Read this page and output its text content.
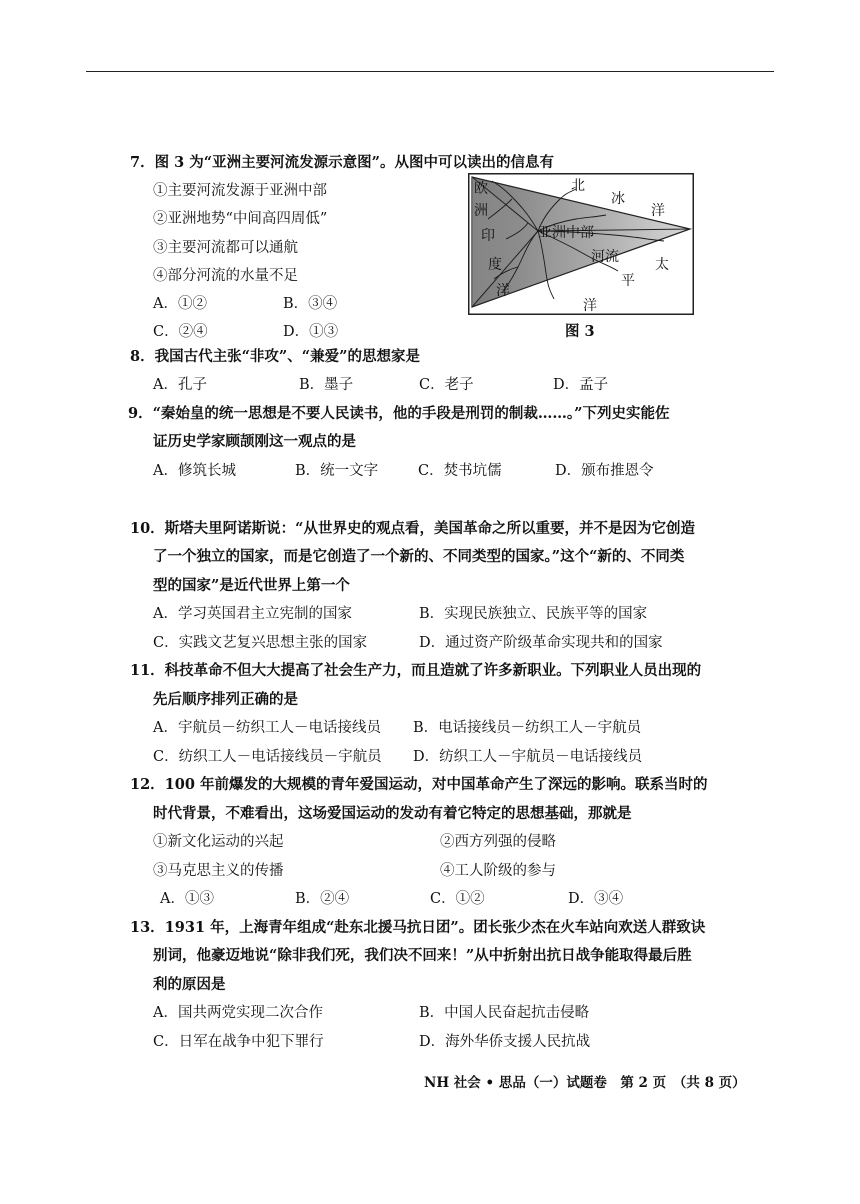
7．图 3 为“亚洲主要河流发源示意图”。从图中可以读出的信息有
①主要河流发源于亚洲中部
②亚洲地势“中间高四周低”
③主要河流都可以通航
④部分河流的水量不足
A．①②	B．③④
C．②④	D．①③
欧
洲
印
度
洋
北
冰
洋
亚洲中部
河流	太
平
洋
图 3
8．我国古代主张“非攻”、“兼爱”的思想家是
A．孔子	B．墨子	C．老子	D．孟子
9．“秦始皇的统一思想是不要人民读书，他的手段是刑罚的制裁……。”下列史实能佐
证历史学家顾颉刚这一观点的是
A．修筑长城	B．统一文字	C．焚书坑儒	D．颁布推恩令
10．斯塔夫里阿诺斯说：“从世界史的观点看，美国革命之所以重要，并不是因为它创造
了一个独立的国家，而是它创造了一个新的、不同类型的国家。”这个“新的、不同类
型的国家”是近代世界上第一个
A．学习英国君主立宪制的国家	B．实现民族独立、民族平等的国家
C．实践文艺复兴思想主张的国家	D．通过资产阶级革命实现共和的国家
11．科技革命不但大大提高了社会生产力，而且造就了许多新职业。下列职业人员出现的
先后顺序排列正确的是
A．宇航员－纺织工人－电话接线员 B．电话接线员－纺织工人－宇航员
C．纺织工人－电话接线员－宇航员 D．纺织工人－宇航员－电话接线员
12．100 年前爆发的大规模的青年爱国运动，对中国革命产生了深远的影响。联系当时的
时代背景，不难看出，这场爱国运动的发动有着它特定的思想基础，那就是
①新文化运动的兴起	②西方列强的侵略
③马克思主义的传播	④工人阶级的参与
A．①③	B．②④	C．①②	D．③④
13．1931 年，上海青年组成“赴东北援马抗日团”。团长张少杰在火车站向欢送人群致诀
别词，他豪迈地说“除非我们死，我们决不回来！”从中折射出抗日战争能取得最后胜
利的原因是
A．国共两党实现二次合作	B．中国人民奋起抗击侵略
C．日军在战争中犯下罪行	D．海外华侨支援人民抗战
NH 社会 • 思品（一）试题卷　第 2 页　（共 8 页）
